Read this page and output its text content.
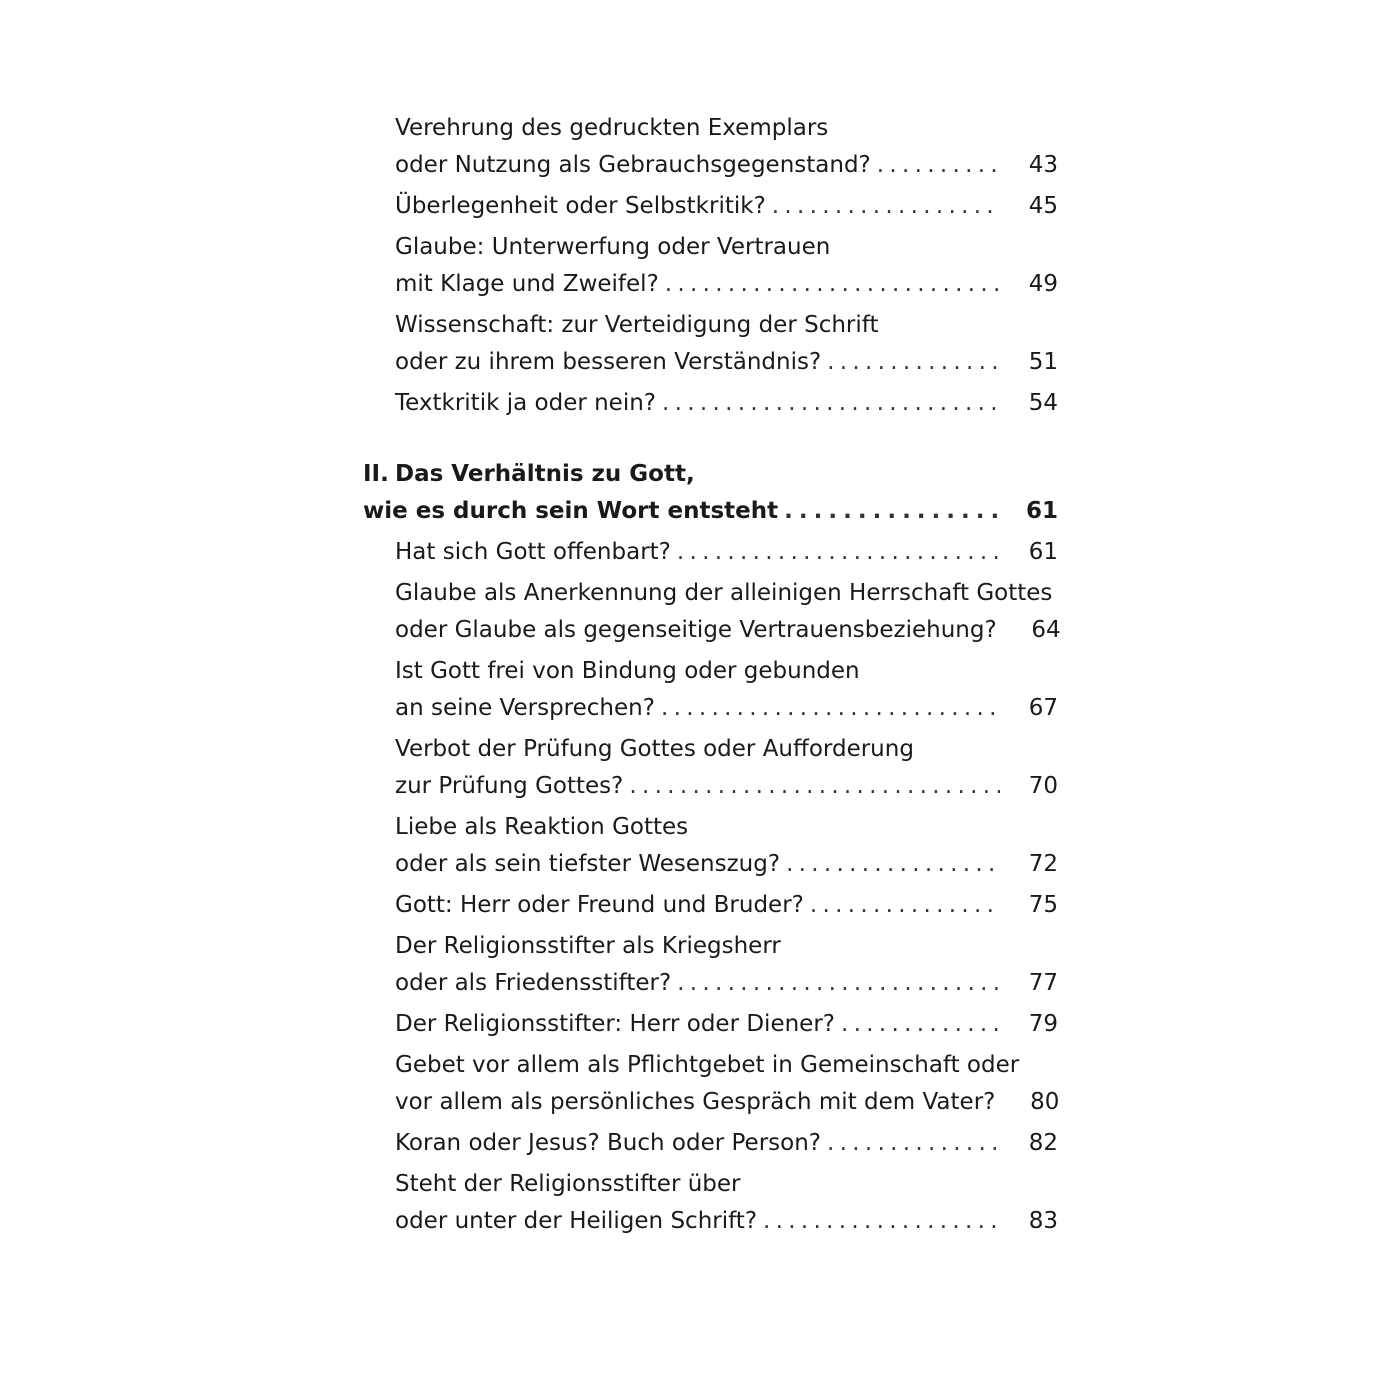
Verehrung des gedruckten Exemplars
oder Nutzung als Gebrauchsgegenstand? . . .	43
Überlegenheit oder Selbstkritik? . . .	45
Glaube: Unterwerfung oder Vertrauen
mit Klage und Zweifel? . . .	49
Wissenschaft: zur Verteidigung der Schrift
oder zu ihrem besseren Verständnis? . . .	51
Textkritik ja oder nein? . . .	54
II. Das Verhältnis zu Gott,
wie es durch sein Wort entsteht . . .	61
Hat sich Gott offenbart? . . .	61
Glaube als Anerkennung der alleinigen Herrschaft Gottes
oder Glaube als gegenseitige Vertrauensbeziehung?	64
Ist Gott frei von Bindung oder gebunden
an seine Versprechen? . . .	67
Verbot der Prüfung Gottes oder Aufforderung
zur Prüfung Gottes? . . .	70
Liebe als Reaktion Gottes
oder als sein tiefster Wesenszug? . . .	72
Gott: Herr oder Freund und Bruder? . . .	75
Der Religionsstifter als Kriegsherr
oder als Friedensstifter? . . .	77
Der Religionsstifter: Herr oder Diener? . . .	79
Gebet vor allem als Pflichtgebet in Gemeinschaft oder
vor allem als persönliches Gespräch mit dem Vater?	80
Koran oder Jesus? Buch oder Person? . . .	82
Steht der Religionsstifter über
oder unter der Heiligen Schrift? . . .	83
